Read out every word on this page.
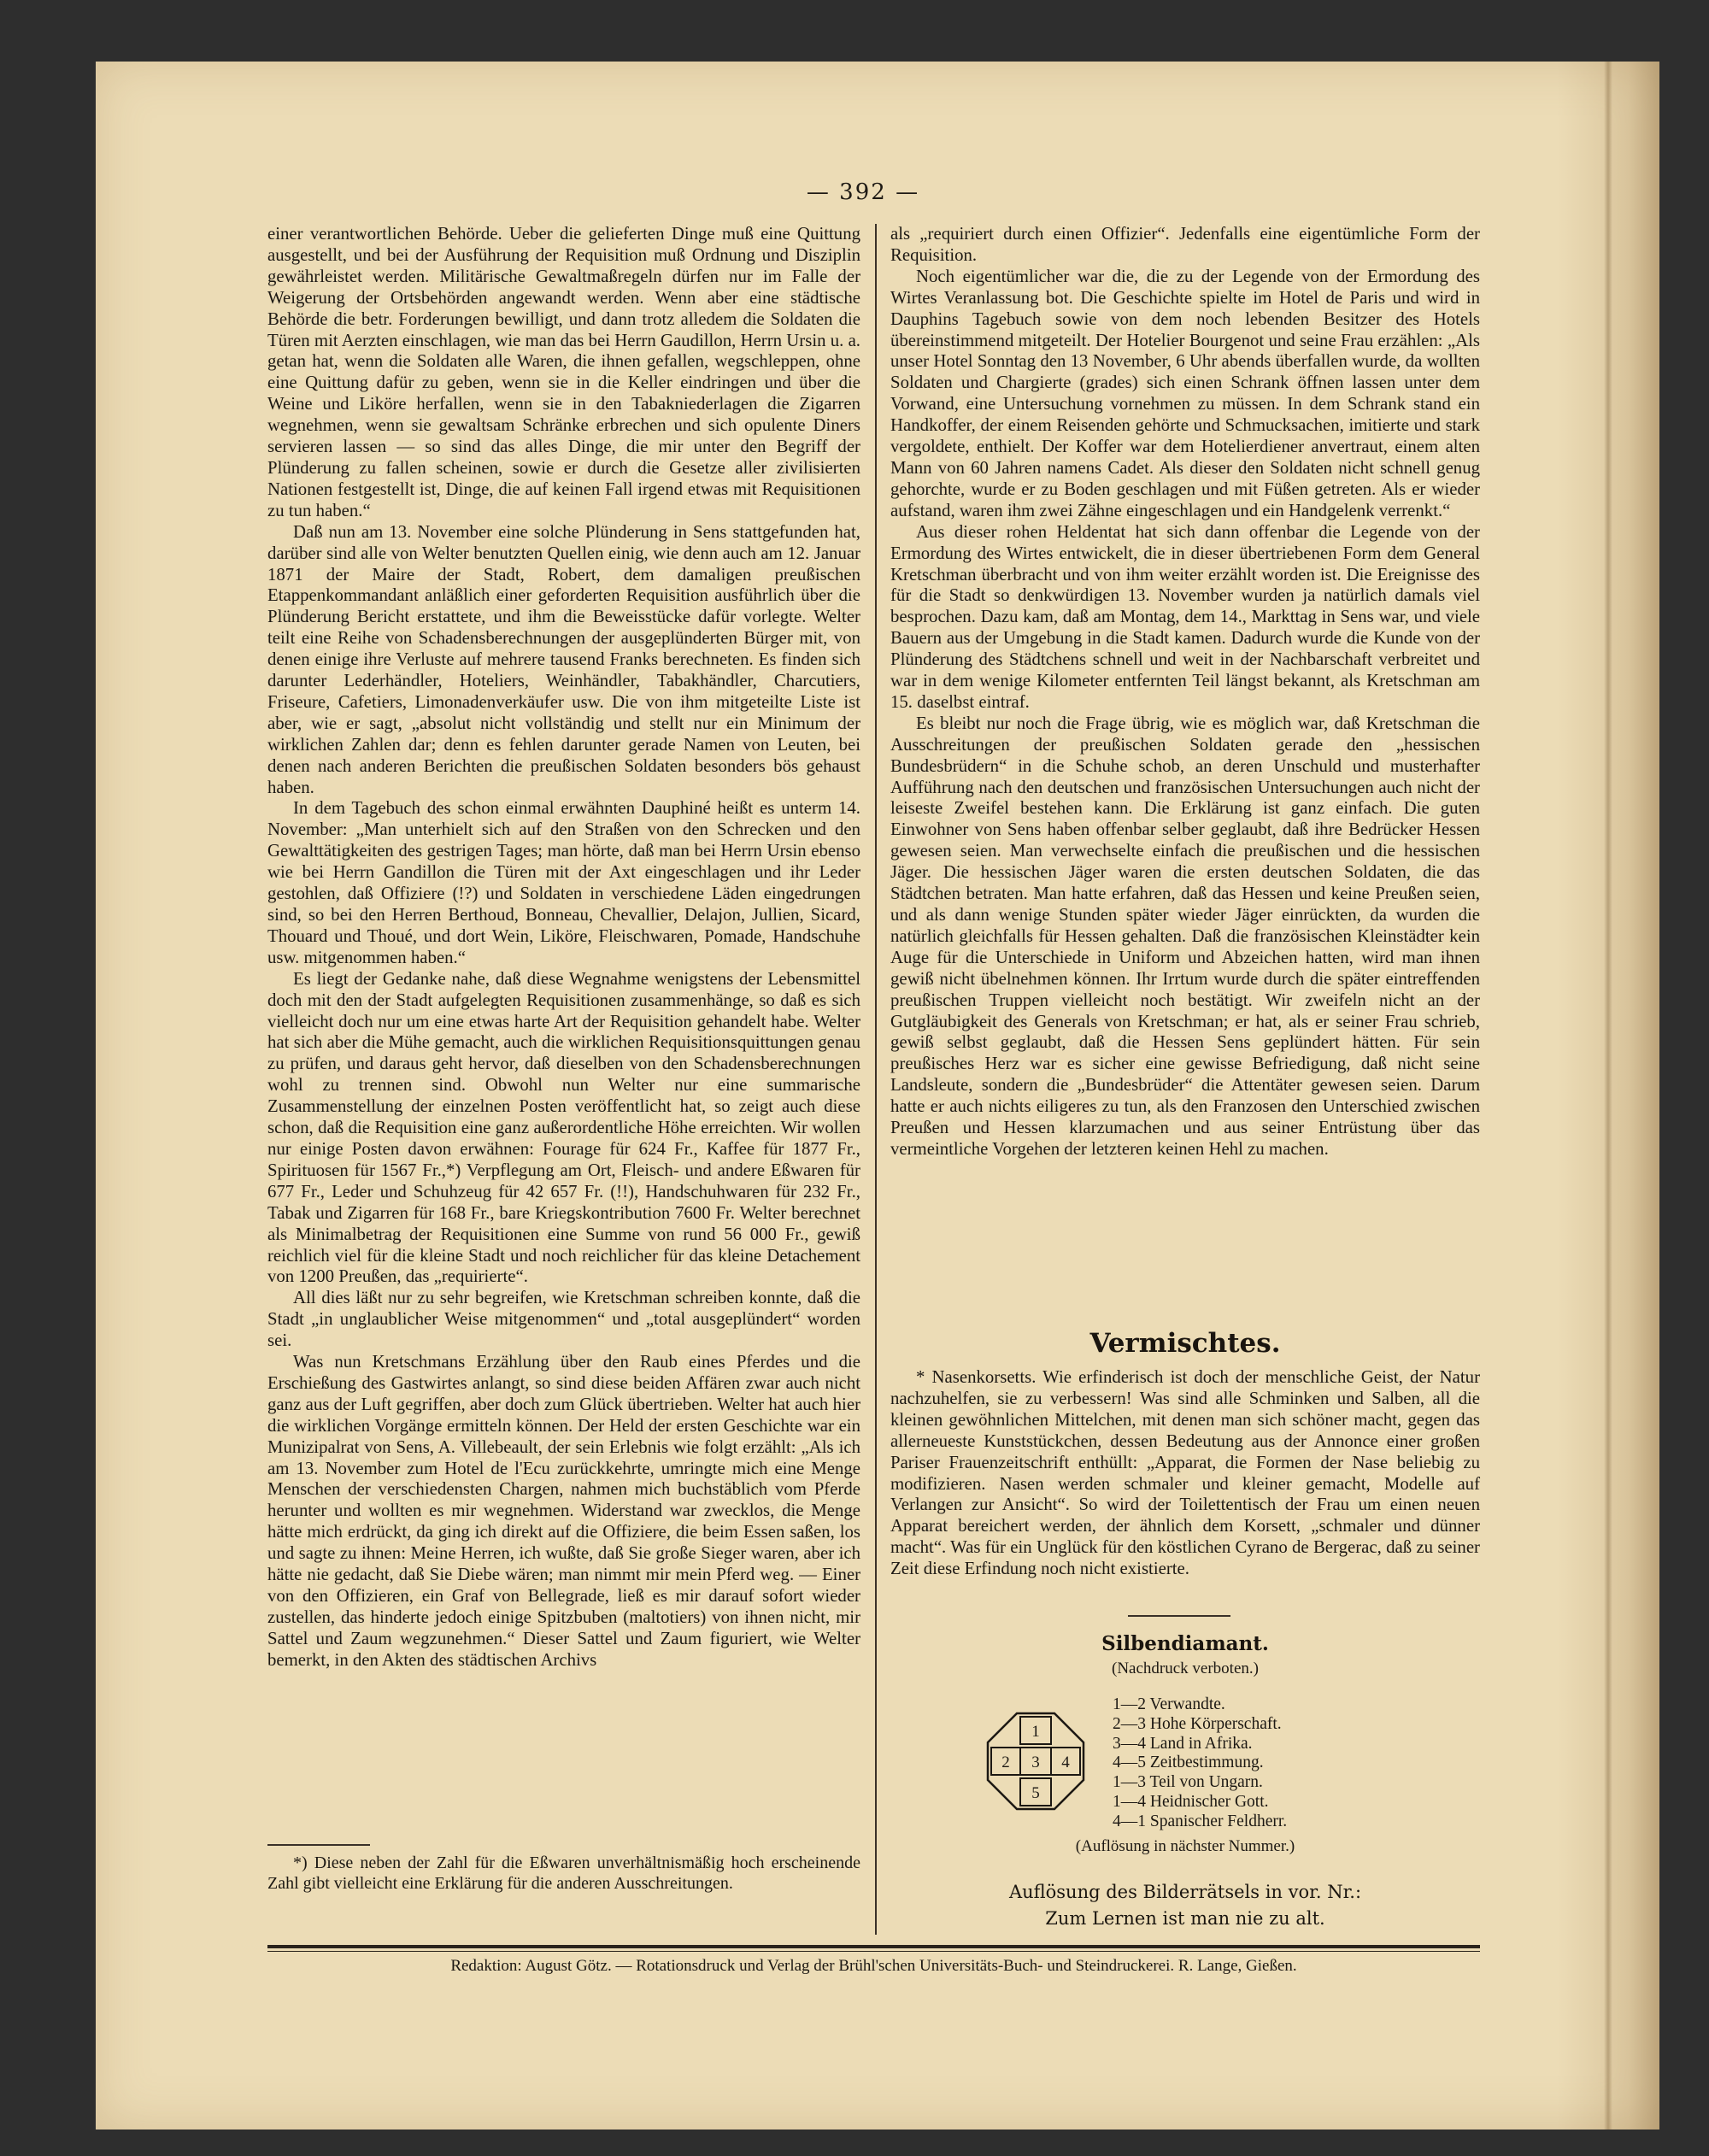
— 392 —

einer verantwortlichen Behörde. Ueber die gelieferten Dinge muß eine Quittung ausgestellt, und bei der Ausführung der Requisition muß Ordnung und Disziplin gewährleistet werden. Militärische Gewaltmaßregeln dürfen nur im Falle der Weigerung der Ortsbehörden angewandt werden. Wenn aber eine städtische Behörde die betr. Forderungen bewilligt, und dann trotz alledem die Soldaten die Türen mit Aerzten einschlagen, wie man das bei Herrn Gaudillon, Herrn Ursin u. a. getan hat, wenn die Soldaten alle Waren, die ihnen gefallen, wegschleppen, ohne eine Quittung dafür zu geben, wenn sie in die Keller eindringen und über die Weine und Liköre herfallen, wenn sie in den Tabakniederlagen die Zigarren wegnehmen, wenn sie gewaltsam Schränke erbrechen und sich opulente Diners servieren lassen — so sind das alles Dinge, die mir unter den Begriff der Plünderung zu fallen scheinen, sowie er durch die Gesetze aller zivilisierten Nationen festgestellt ist, Dinge, die auf keinen Fall irgend etwas mit Requisitionen zu tun haben.“

Daß nun am 13. November eine solche Plünderung in Sens stattgefunden hat, darüber sind alle von Welter benutzten Quellen einig, wie denn auch am 12. Januar 1871 der Maire der Stadt, Robert, dem damaligen preußischen Etappenkommandant anläßlich einer geforderten Requisition ausführlich über die Plünderung Bericht erstattete, und ihm die Beweisstücke dafür vorlegte. Welter teilt eine Reihe von Schadensberechnungen der ausgeplünderten Bürger mit, von denen einige ihre Verluste auf mehrere tausend Franks berechneten. Es finden sich darunter Lederhändler, Hoteliers, Weinhändler, Tabakhändler, Charcutiers, Friseure, Cafetiers, Limonadenverkäufer usw. Die von ihm mitgeteilte Liste ist aber, wie er sagt, „absolut nicht vollständig und stellt nur ein Minimum der wirklichen Zahlen dar; denn es fehlen darunter gerade Namen von Leuten, bei denen nach anderen Berichten die preußischen Soldaten besonders bös gehaust haben.

In dem Tagebuch des schon einmal erwähnten Dauphiné heißt es unterm 14. November: „Man unterhielt sich auf den Straßen von den Schrecken und den Gewalttätigkeiten des gestrigen Tages; man hörte, daß man bei Herrn Ursin ebenso wie bei Herrn Gandillon die Türen mit der Axt eingeschlagen und ihr Leder gestohlen, daß Offiziere (!?) und Soldaten in verschiedene Läden eingedrungen sind, so bei den Herren Berthoud, Bonneau, Chevallier, Delajon, Jullien, Sicard, Thouard und Thoué, und dort Wein, Liköre, Fleischwaren, Pomade, Handschuhe usw. mitgenommen haben.“

Es liegt der Gedanke nahe, daß diese Wegnahme wenigstens der Lebensmittel doch mit den der Stadt aufgelegten Requisitionen zusammenhänge, so daß es sich vielleicht doch nur um eine etwas harte Art der Requisition gehandelt habe. Welter hat sich aber die Mühe gemacht, auch die wirklichen Requisitionsquittungen genau zu prüfen, und daraus geht hervor, daß dieselben von den Schadensberechnungen wohl zu trennen sind. Obwohl nun Welter nur eine summarische Zusammenstellung der einzelnen Posten veröffentlicht hat, so zeigt auch diese schon, daß die Requisition eine ganz außerordentliche Höhe erreichten. Wir wollen nur einige Posten davon erwähnen: Fourage für 624 Fr., Kaffee für 1877 Fr., Spirituosen für 1567 Fr.,*) Verpflegung am Ort, Fleisch- und andere Eßwaren für 677 Fr., Leder und Schuhzeug für 42 657 Fr. (!!), Handschuhwaren für 232 Fr., Tabak und Zigarren für 168 Fr., bare Kriegskontribution 7600 Fr. Welter berechnet als Minimalbetrag der Requisitionen eine Summe von rund 56 000 Fr., gewiß reichlich viel für die kleine Stadt und noch reichlicher für das kleine Detachement von 1200 Preußen, das „requirierte“.

All dies läßt nur zu sehr begreifen, wie Kretschman schreiben konnte, daß die Stadt „in unglaublicher Weise mitgenommen“ und „total ausgeplündert“ worden sei.

Was nun Kretschmans Erzählung über den Raub eines Pferdes und die Erschießung des Gastwirtes anlangt, so sind diese beiden Affären zwar auch nicht ganz aus der Luft gegriffen, aber doch zum Glück übertrieben. Welter hat auch hier die wirklichen Vorgänge ermitteln können. Der Held der ersten Geschichte war ein Munizipalrat von Sens, A. Villebeault, der sein Erlebnis wie folgt erzählt: „Als ich am 13. November zum Hotel de l'Ecu zurückkehrte, umringte mich eine Menge Menschen der verschiedensten Chargen, nahmen mich buchstäblich vom Pferde herunter und wollten es mir wegnehmen. Widerstand war zwecklos, die Menge hätte mich erdrückt, da ging ich direkt auf die Offiziere, die beim Essen saßen, los und sagte zu ihnen: Meine Herren, ich wußte, daß Sie große Sieger waren, aber ich hätte nie gedacht, daß Sie Diebe wären; man nimmt mir mein Pferd weg. — Einer von den Offizieren, ein Graf von Bellegrade, ließ es mir darauf sofort wieder zustellen, das hinderte jedoch einige Spitzbuben (maltotiers) von ihnen nicht, mir Sattel und Zaum wegzunehmen.“ Dieser Sattel und Zaum figuriert, wie Welter bemerkt, in den Akten des städtischen Archivs

*) Diese neben der Zahl für die Eßwaren unverhältnismäßig hoch erscheinende Zahl gibt vielleicht eine Erklärung für die anderen Ausschreitungen.

als „requiriert durch einen Offizier“. Jedenfalls eine eigentümliche Form der Requisition.

Noch eigentümlicher war die, die zu der Legende von der Ermordung des Wirtes Veranlassung bot. Die Geschichte spielte im Hotel de Paris und wird in Dauphins Tagebuch sowie von dem noch lebenden Besitzer des Hotels übereinstimmend mitgeteilt. Der Hotelier Bourgenot und seine Frau erzählen: „Als unser Hotel Sonntag den 13 November, 6 Uhr abends überfallen wurde, da wollten Soldaten und Chargierte (grades) sich einen Schrank öffnen lassen unter dem Vorwand, eine Untersuchung vornehmen zu müssen. In dem Schrank stand ein Handkoffer, der einem Reisenden gehörte und Schmucksachen, imitierte und stark vergoldete, enthielt. Der Koffer war dem Hotelierdiener anvertraut, einem alten Mann von 60 Jahren namens Cadet. Als dieser den Soldaten nicht schnell genug gehorchte, wurde er zu Boden geschlagen und mit Füßen getreten. Als er wieder aufstand, waren ihm zwei Zähne eingeschlagen und ein Handgelenk verrenkt.“

Aus dieser rohen Heldentat hat sich dann offenbar die Legende von der Ermordung des Wirtes entwickelt, die in dieser übertriebenen Form dem General Kretschman überbracht und von ihm weiter erzählt worden ist. Die Ereignisse des für die Stadt so denkwürdigen 13. November wurden ja natürlich damals viel besprochen. Dazu kam, daß am Montag, dem 14., Markttag in Sens war, und viele Bauern aus der Umgebung in die Stadt kamen. Dadurch wurde die Kunde von der Plünderung des Städtchens schnell und weit in der Nachbarschaft verbreitet und war in dem wenige Kilometer entfernten Teil längst bekannt, als Kretschman am 15. daselbst eintraf.

Es bleibt nur noch die Frage übrig, wie es möglich war, daß Kretschman die Ausschreitungen der preußischen Soldaten gerade den „hessischen Bundesbrüdern“ in die Schuhe schob, an deren Unschuld und musterhafter Aufführung nach den deutschen und französischen Untersuchungen auch nicht der leiseste Zweifel bestehen kann. Die Erklärung ist ganz einfach. Die guten Einwohner von Sens haben offenbar selber geglaubt, daß ihre Bedrücker Hessen gewesen seien. Man verwechselte einfach die preußischen und die hessischen Jäger. Die hessischen Jäger waren die ersten deutschen Soldaten, die das Städtchen betraten. Man hatte erfahren, daß das Hessen und keine Preußen seien, und als dann wenige Stunden später wieder Jäger einrückten, da wurden die natürlich gleichfalls für Hessen gehalten. Daß die französischen Kleinstädter kein Auge für die Unterschiede in Uniform und Abzeichen hatten, wird man ihnen gewiß nicht übelnehmen können. Ihr Irrtum wurde durch die später eintreffenden preußischen Truppen vielleicht noch bestätigt. Wir zweifeln nicht an der Gutgläubigkeit des Generals von Kretschman; er hat, als er seiner Frau schrieb, gewiß selbst geglaubt, daß die Hessen Sens geplündert hätten. Für sein preußisches Herz war es sicher eine gewisse Befriedigung, daß nicht seine Landsleute, sondern die „Bundesbrüder“ die Attentäter gewesen seien. Darum hatte er auch nichts eiligeres zu tun, als den Franzosen den Unterschied zwischen Preußen und Hessen klarzumachen und aus seiner Entrüstung über das vermeintliche Vorgehen der letzteren keinen Hehl zu machen.

Vermischtes.

* Nasenkorsetts. Wie erfinderisch ist doch der menschliche Geist, der Natur nachzuhelfen, sie zu verbessern! Was sind alle Schminken und Salben, all die kleinen gewöhnlichen Mittelchen, mit denen man sich schöner macht, gegen das allerneueste Kunststückchen, dessen Bedeutung aus der Annonce einer großen Pariser Frauenzeitschrift enthüllt: „Apparat, die Formen der Nase beliebig zu modifizieren. Nasen werden schmaler und kleiner gemacht, Modelle auf Verlangen zur Ansicht“. So wird der Toilettentisch der Frau um einen neuen Apparat bereichert werden, der ähnlich dem Korsett, „schmaler und dünner macht“. Was für ein Unglück für den köstlichen Cyrano de Bergerac, daß zu seiner Zeit diese Erfindung noch nicht existierte.

Silbendiamant.
(Nachdruck verboten.)
1
2 3 4
5
1—2 Verwandte.
2—3 Hohe Körperschaft.
3—4 Land in Afrika.
4—5 Zeitbestimmung.
1—3 Teil von Ungarn.
1—4 Heidnischer Gott.
4—1 Spanischer Feldherr.
(Auflösung in nächster Nummer.)
Auflösung des Bilderrätsels in vor. Nr.:
Zum Lernen ist man nie zu alt.
Redaktion: August Götz. — Rotationsdruck und Verlag der Brühl'schen Universitäts-Buch- und Steindruckerei. R. Lange, Gießen.
